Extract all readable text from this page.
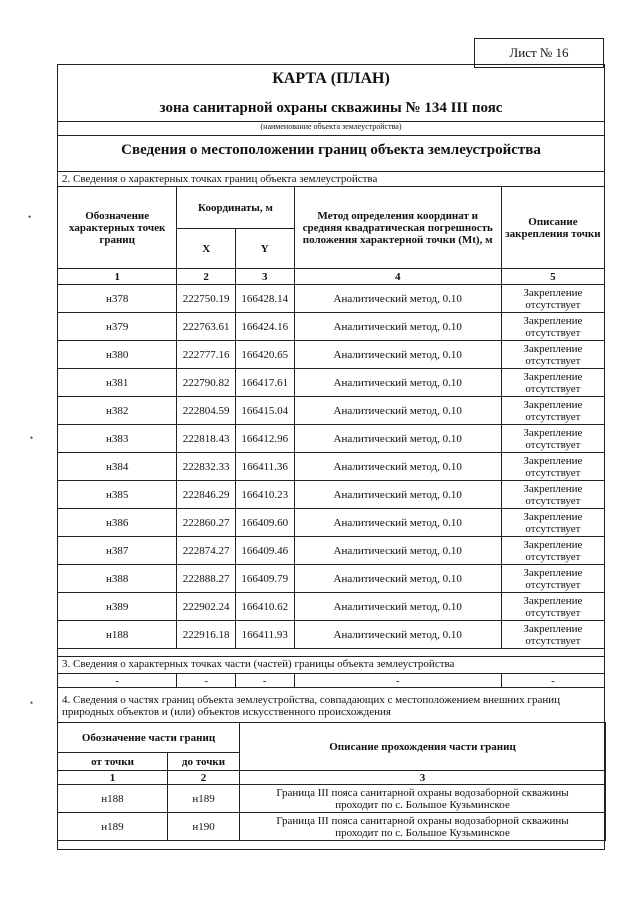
Лист № 16
КАРТА (ПЛАН)
зона санитарной охраны скважины № 134 III пояс
(наименование объекта землеустройства)
Сведения о местоположении границ объекта землеустройства
2. Сведения о характерных точках границ объекта землеустройства
Обозначение характерных точек границ	Координаты, м		Метод определения координат и средняя квадратическая погрешность положения характерной точки (Mt), м	Описание закрепления точки
	X	Y		
1	2	3	4	5
н378	222750.19	166428.14	Аналитический метод, 0.10	Закрепление отсутствует
н379	222763.61	166424.16	Аналитический метод, 0.10	Закрепление отсутствует
н380	222777.16	166420.65	Аналитический метод, 0.10	Закрепление отсутствует
н381	222790.82	166417.61	Аналитический метод, 0.10	Закрепление отсутствует
н382	222804.59	166415.04	Аналитический метод, 0.10	Закрепление отсутствует
н383	222818.43	166412.96	Аналитический метод, 0.10	Закрепление отсутствует
н384	222832.33	166411.36	Аналитический метод, 0.10	Закрепление отсутствует
н385	222846.29	166410.23	Аналитический метод, 0.10	Закрепление отсутствует
н386	222860.27	166409.60	Аналитический метод, 0.10	Закрепление отсутствует
н387	222874.27	166409.46	Аналитический метод, 0.10	Закрепление отсутствует
н388	222888.27	166409.79	Аналитический метод, 0.10	Закрепление отсутствует
н389	222902.24	166410.62	Аналитический метод, 0.10	Закрепление отсутствует
н188	222916.18	166411.93	Аналитический метод, 0.10	Закрепление отсутствует
3. Сведения о характерных точках части (частей) границы объекта землеустройства
-	-	-	-	-
4. Сведения о частях границ объекта землеустройства, совпадающих с местоположением внешних границ природных объектов и (или) объектов искусственного происхождения
Обозначение части границ		Описание прохождения части границ
от точки	до точки	
1	2	3
н188	н189	Граница III пояса санитарной охраны водозаборной скважины проходит по с. Большое Кузьминское
н189	н190	Граница III пояса санитарной охраны водозаборной скважины проходит по с. Большое Кузьминское
•
•
•
